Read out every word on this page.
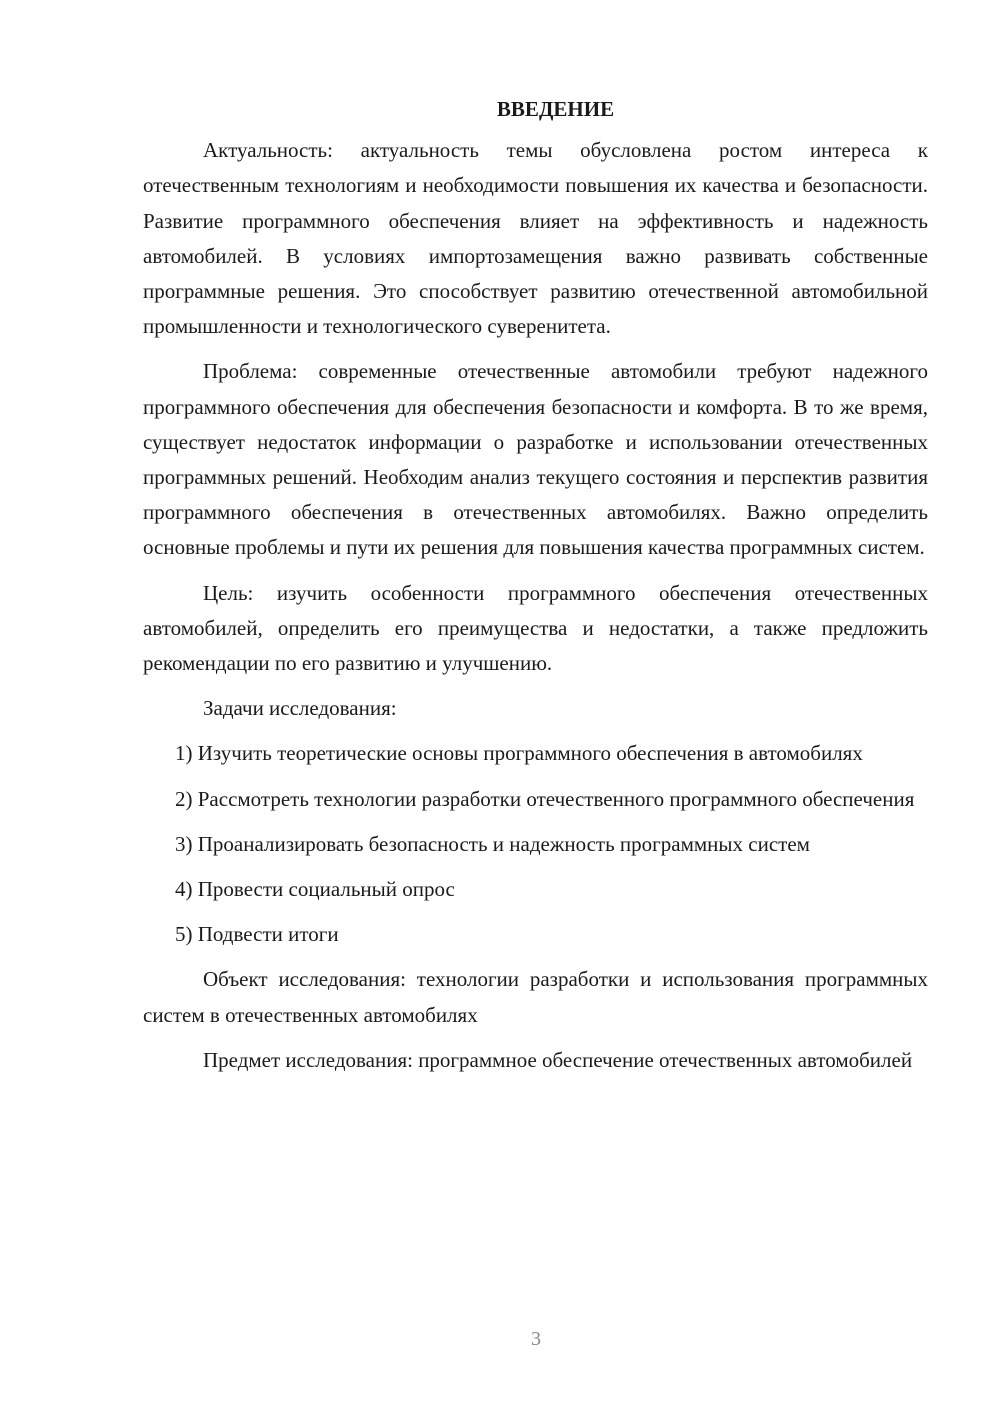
ВВЕДЕНИЕ

Актуальность: актуальность темы обусловлена ростом интереса к отечественным технологиям и необходимости повышения их качества и безопасности. Развитие программного обеспечения влияет на эффективность и надежность автомобилей. В условиях импортозамещения важно развивать собственные программные решения. Это способствует развитию отечественной автомобильной промышленности и технологического суверенитета.

Проблема: современные отечественные автомобили требуют надежного программного обеспечения для обеспечения безопасности и комфорта. В то же время, существует недостаток информации о разработке и использовании отечественных программных решений. Необходим анализ текущего состояния и перспектив развития программного обеспечения в отечественных автомобилях. Важно определить основные проблемы и пути их решения для повышения качества программных систем.

Цель: изучить особенности программного обеспечения отечественных автомобилей, определить его преимущества и недостатки, а также предложить рекомендации по его развитию и улучшению.

Задачи исследования:

1) Изучить теоретические основы программного обеспечения в автомобилях

2) Рассмотреть технологии разработки отечественного программного обеспечения

3) Проанализировать безопасность и надежность программных систем

4) Провести социальный опрос

5) Подвести итоги

Объект исследования: технологии разработки и использования программных систем в отечественных автомобилях

Предмет исследования: программное обеспечение отечественных автомобилей

3
